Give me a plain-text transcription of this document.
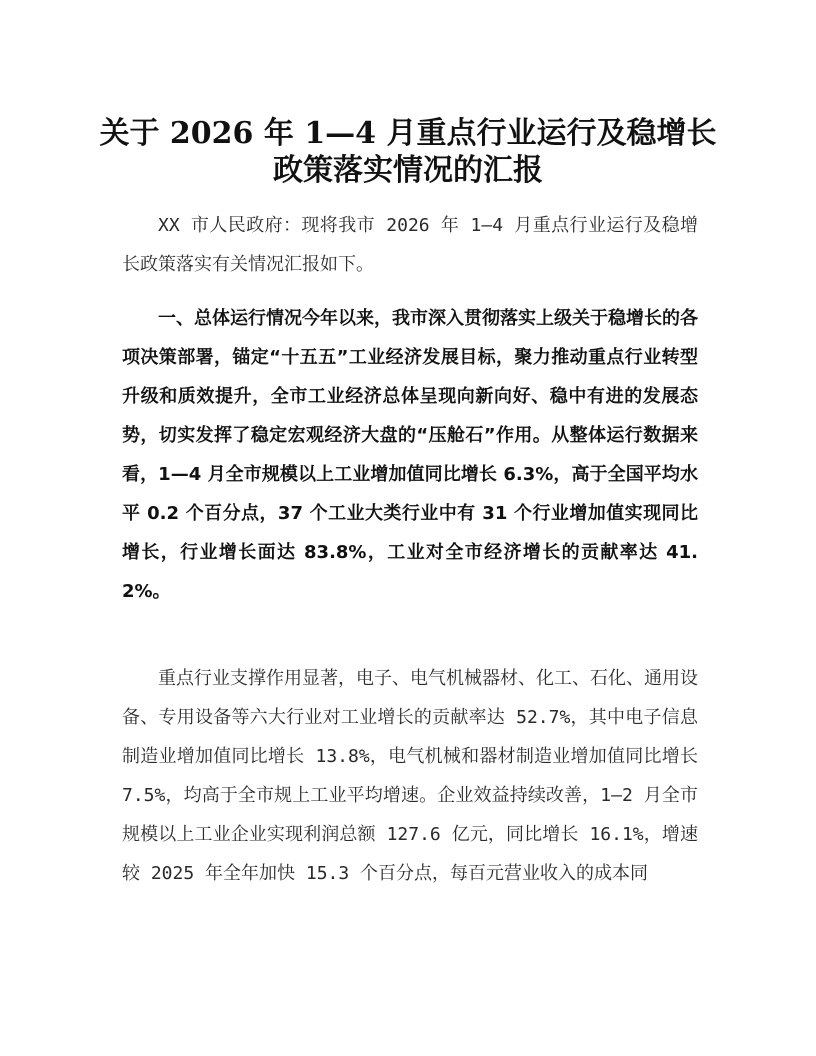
关于 2026 年 1—4 月重点行业运行及稳增长
政策落实情况的汇报

XX 市人民政府：现将我市 2026 年 1—4 月重点行业运行及稳增长政策落实有关情况汇报如下。

一、总体运行情况今年以来，我市深入贯彻落实上级关于稳增长的各项决策部署，锚定“十五五”工业经济发展目标，聚力推动重点行业转型升级和质效提升，全市工业经济总体呈现向新向好、稳中有进的发展态势，切实发挥了稳定宏观经济大盘的“压舱石”作用。从整体运行数据来看，1—4 月全市规模以上工业增加值同比增长 6.3%，高于全国平均水平 0.2 个百分点，37 个工业大类行业中有 31 个行业增加值实现同比增长，行业增长面达 83.8%，工业对全市经济增长的贡献率达 41.2%。

重点行业支撑作用显著，电子、电气机械器材、化工、石化、通用设备、专用设备等六大行业对工业增长的贡献率达 52.7%，其中电子信息制造业增加值同比增长 13.8%，电气机械和器材制造业增加值同比增长 7.5%，均高于全市规上工业平均增速。企业效益持续改善，1—2 月全市规模以上工业企业实现利润总额 127.6 亿元，同比增长 16.1%，增速较 2025 年全年加快 15.3 个百分点，每百元营业收入的成本同
